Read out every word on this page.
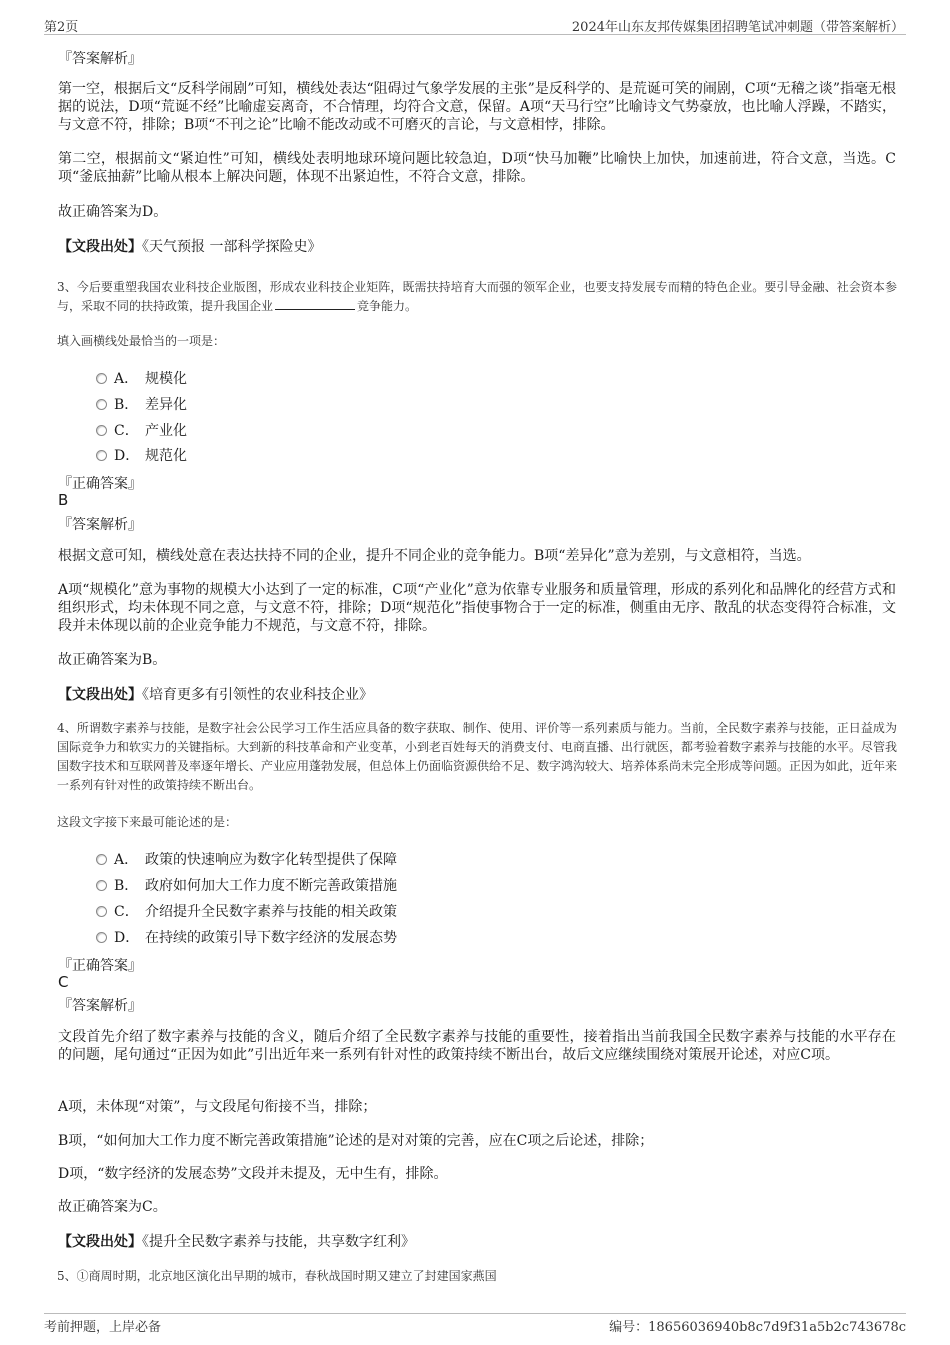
第2页	2024年山东友邦传媒集团招聘笔试冲刺题（带答案解析）
『答案解析』
第一空，根据后文“反科学闹剧”可知，横线处表达“阻碍过气象学发展的主张”是反科学的、是荒诞可笑的闹剧，C项“无稽之谈”指毫无根据的说法，D项“荒诞不经”比喻虚妄离奇，不合情理，均符合文意，保留。A项“天马行空”比喻诗文气势豪放，也比喻人浮躁，不踏实，与文意不符，排除；B项“不刊之论”比喻不能改动或不可磨灭的言论，与文意相悖，排除。
第二空，根据前文“紧迫性”可知，横线处表明地球环境问题比较急迫，D项“快马加鞭”比喻快上加快，加速前进，符合文意，当选。C项“釜底抽薪”比喻从根本上解决问题，体现不出紧迫性，不符合文意，排除。
故正确答案为D。
【文段出处】《天气预报 一部科学探险史》
3、今后要重塑我国农业科技企业版图，形成农业科技企业矩阵，既需扶持培育大而强的领军企业，也要支持发展专而精的特色企业。要引导金融、社会资本参与，采取不同的扶持政策，提升我国企业	竞争能力。
填入画横线处最恰当的一项是：
A． 规模化
B． 差异化
C． 产业化
D． 规范化
『正确答案』
B
『答案解析』
根据文意可知，横线处意在表达扶持不同的企业，提升不同企业的竞争能力。B项“差异化”意为差别，与文意相符，当选。
A项“规模化”意为事物的规模大小达到了一定的标准，C项“产业化”意为依靠专业服务和质量管理，形成的系列化和品牌化的经营方式和组织形式，均未体现不同之意，与文意不符，排除；D项“规范化”指使事物合于一定的标准，侧重由无序、散乱的状态变得符合标准，文段并未体现以前的企业竞争能力不规范，与文意不符，排除。
故正确答案为B。
【文段出处】《培育更多有引领性的农业科技企业》
4、所谓数字素养与技能，是数字社会公民学习工作生活应具备的数字获取、制作、使用、评价等一系列素质与能力。当前，全民数字素养与技能，正日益成为国际竞争力和软实力的关键指标。大到新的科技革命和产业变革，小到老百姓每天的消费支付、电商直播、出行就医，都考验着数字素养与技能的水平。尽管我国数字技术和互联网普及率逐年增长、产业应用蓬勃发展，但总体上仍面临资源供给不足、数字鸿沟较大、培养体系尚未完全形成等问题。正因为如此，近年来一系列有针对性的政策持续不断出台。
这段文字接下来最可能论述的是：
A． 政策的快速响应为数字化转型提供了保障
B． 政府如何加大工作力度不断完善政策措施
C． 介绍提升全民数字素养与技能的相关政策
D． 在持续的政策引导下数字经济的发展态势
『正确答案』
C
『答案解析』
文段首先介绍了数字素养与技能的含义，随后介绍了全民数字素养与技能的重要性，接着指出当前我国全民数字素养与技能的水平存在的问题，尾句通过“正因为如此”引出近年来一系列有针对性的政策持续不断出台，故后文应继续围绕对策展开论述，对应C项。
A项，未体现“对策”，与文段尾句衔接不当，排除；
B项，“如何加大工作力度不断完善政策措施”论述的是对对策的完善，应在C项之后论述，排除；
D项，“数字经济的发展态势”文段并未提及，无中生有，排除。
故正确答案为C。
【文段出处】《提升全民数字素养与技能，共享数字红利》
5、①商周时期，北京地区演化出早期的城市，春秋战国时期又建立了封建国家燕国
考前押题，上岸必备	编号：18656036940b8c7d9f31a5b2c743678c
